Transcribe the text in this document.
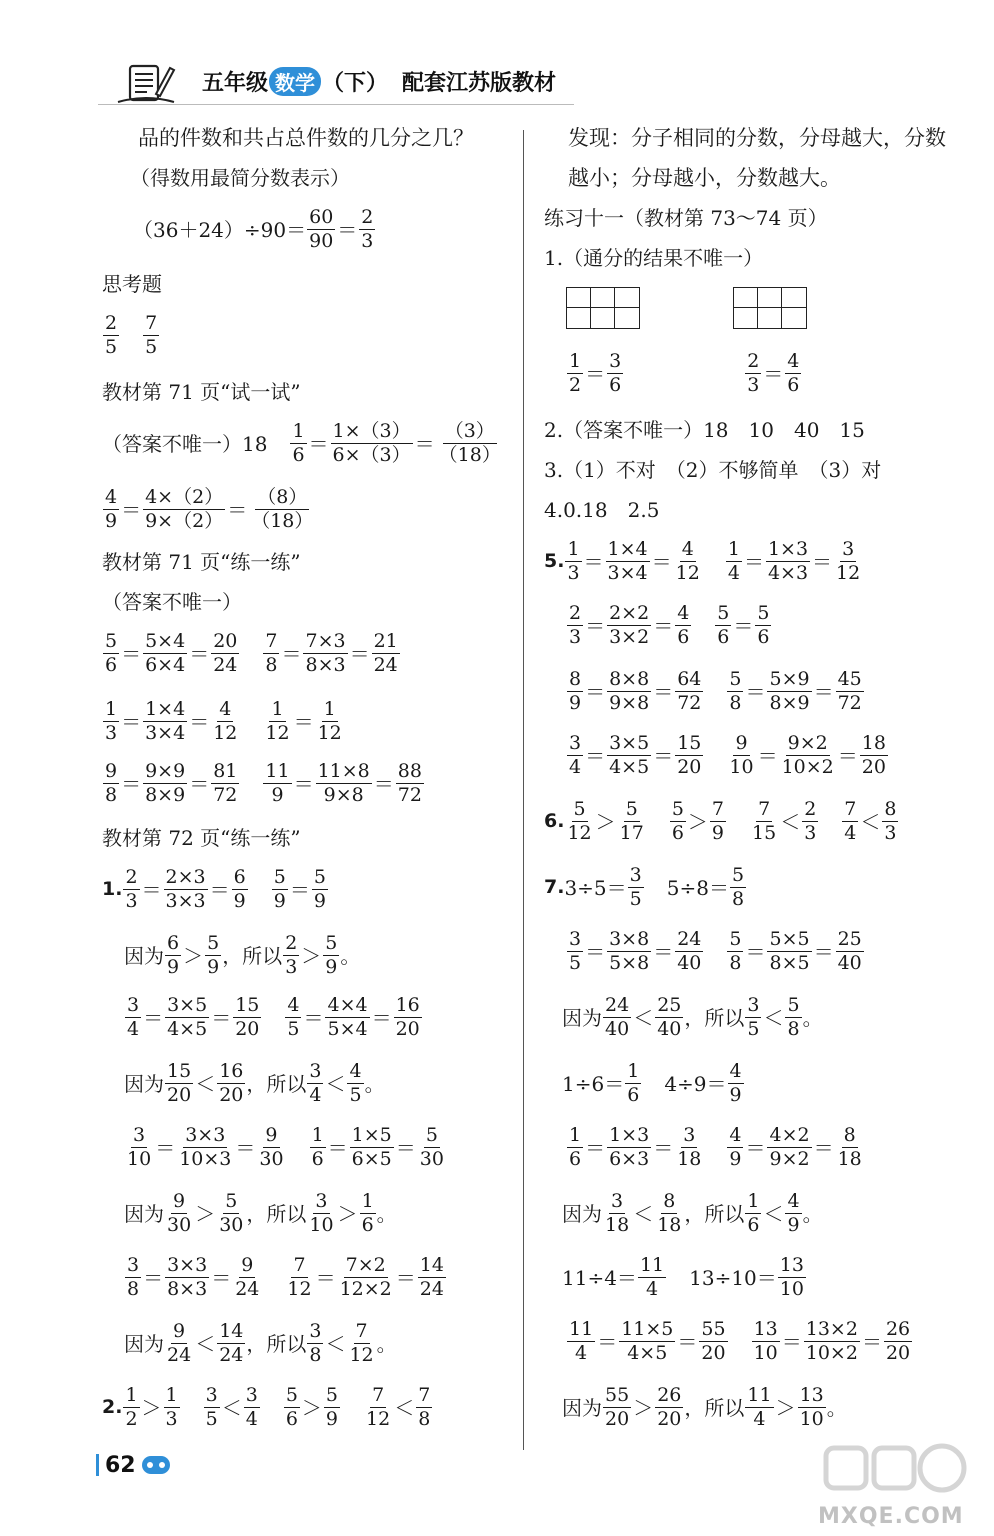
五年级 数学 （下） 配套江苏版教材
品的件数和共占总件数的几分之几？
（得数用最简分数表示）
$(36+24)\div 90= \frac{60}{90} = \frac{2}{3}$
思考题
$\frac{2}{5} \frac{7}{5}$
教材第 71 页“试一试”
（答案不唯一）$18 \frac{1}{6} = \frac{1\times(3)}{6\times(3)} = \frac{(3)}{(18)}$
$\frac{4}{9} = \frac{4\times(2)}{9\times(2)} = \frac{(8)}{(18)}$
教材第 71 页“练一练”
（答案不唯一）
$\frac{5}{6} = \frac{5\times 4}{6\times 4} = \frac{20}{24} \frac{7}{8} = \frac{7\times 3}{8\times 3} = \frac{21}{24}$
$\frac{1}{3} = \frac{1\times 4}{3\times 4} = \frac{4}{12} \frac{1}{12} = \frac{1}{12}$
$\frac{9}{8} = \frac{9\times 9}{8\times 9} = \frac{81}{72} \frac{11}{9} = \frac{11\times 8}{9\times 8} = \frac{88}{72}$
教材第 72 页“练一练”
1. $\frac{2}{3} = \frac{2\times 3}{3\times 3} = \frac{6}{9} \frac{5}{9} = \frac{5}{9}$
因为 $\frac{6}{9} > \frac{5}{9}$ ，所以 $\frac{2}{3} > \frac{5}{9}$ 。
$\frac{3}{4} = \frac{3\times 5}{4\times 5} = \frac{15}{20} \frac{4}{5} = \frac{4\times 4}{5\times 4} = \frac{16}{20}$
因为 $\frac{15}{20} < \frac{16}{20}$ ，所以 $\frac{3}{4} < \frac{4}{5}$ 。
$\frac{3}{10} = \frac{3\times 3}{10\times 3} = \frac{9}{30} \frac{1}{6} = \frac{1\times 5}{6\times 5} = \frac{5}{30}$
因为 $\frac{9}{30} > \frac{5}{30}$ ，所以 $\frac{3}{10} > \frac{1}{6}$ 。
$\frac{3}{8} = \frac{3\times 3}{8\times 3} = \frac{9}{24} \frac{7}{12} = \frac{7\times 2}{12\times 2} = \frac{14}{24}$
因为 $\frac{9}{24} < \frac{14}{24}$ ，所以 $\frac{3}{8} < \frac{7}{12}$ 。
2. $\frac{1}{2} > \frac{1}{3} \frac{3}{5} < \frac{3}{4} \frac{5}{6} > \frac{5}{9} \frac{7}{12} < \frac{7}{8}$
发现：分子相同的分数，分母越大，分数
越小；分母越小，分数越大。
练习十一（教材第 73～74 页）
1.（通分的结果不唯一）
$\frac{1}{2} = \frac{3}{6}$	$\frac{2}{3} = \frac{4}{6}$
2.（答案不唯一）18　10　40　15
3.（1）不对　（2）不够简单　（3）对
4.0.18　2.5
5. $\frac{1}{3} = \frac{1\times 4}{3\times 4} = \frac{4}{12} \frac{1}{4} = \frac{1\times 3}{4\times 3} = \frac{3}{12}$
$\frac{2}{3} = \frac{2\times 2}{3\times 2} = \frac{4}{6} \frac{5}{6} = \frac{5}{6}$
$\frac{8}{9} = \frac{8\times 8}{9\times 8} = \frac{64}{72} \frac{5}{8} = \frac{5\times 9}{8\times 9} = \frac{45}{72}$
$\frac{3}{4} = \frac{3\times 5}{4\times 5} = \frac{15}{20} \frac{9}{10} = \frac{9\times 2}{10\times 2} = \frac{18}{20}$
6. $\frac{5}{12} > \frac{5}{17} \frac{5}{6} > \frac{7}{9} \frac{7}{15} < \frac{2}{3} \frac{7}{4} < \frac{8}{3}$
7. $3\div 5= \frac{3}{5} 5\div 8= \frac{5}{8}$
$\frac{3}{5} = \frac{3\times 8}{5\times 8} = \frac{24}{40} \frac{5}{8} = \frac{5\times 5}{8\times 5} = \frac{25}{40}$
因为 $\frac{24}{40} < \frac{25}{40}$ ，所以 $\frac{3}{5} < \frac{5}{8}$ 。
$1\div 6= \frac{1}{6} 4\div 9= \frac{4}{9}$
$\frac{1}{6} = \frac{1\times 3}{6\times 3} = \frac{3}{18} \frac{4}{9} = \frac{4\times 2}{9\times 2} = \frac{8}{18}$
因为 $\frac{3}{18} < \frac{8}{18}$ ，所以 $\frac{1}{6} < \frac{4}{9}$ 。
$11\div 4= \frac{11}{4} 13\div 10= \frac{13}{10}$
$\frac{11}{4} = \frac{11\times 5}{4\times 5} = \frac{55}{20} \frac{13}{10} = \frac{13\times 2}{10\times 2} = \frac{26}{20}$
因为 $\frac{55}{20} > \frac{26}{20}$ ，所以 $\frac{11}{4} > \frac{13}{10}$ 。
62
MXQE.COM
